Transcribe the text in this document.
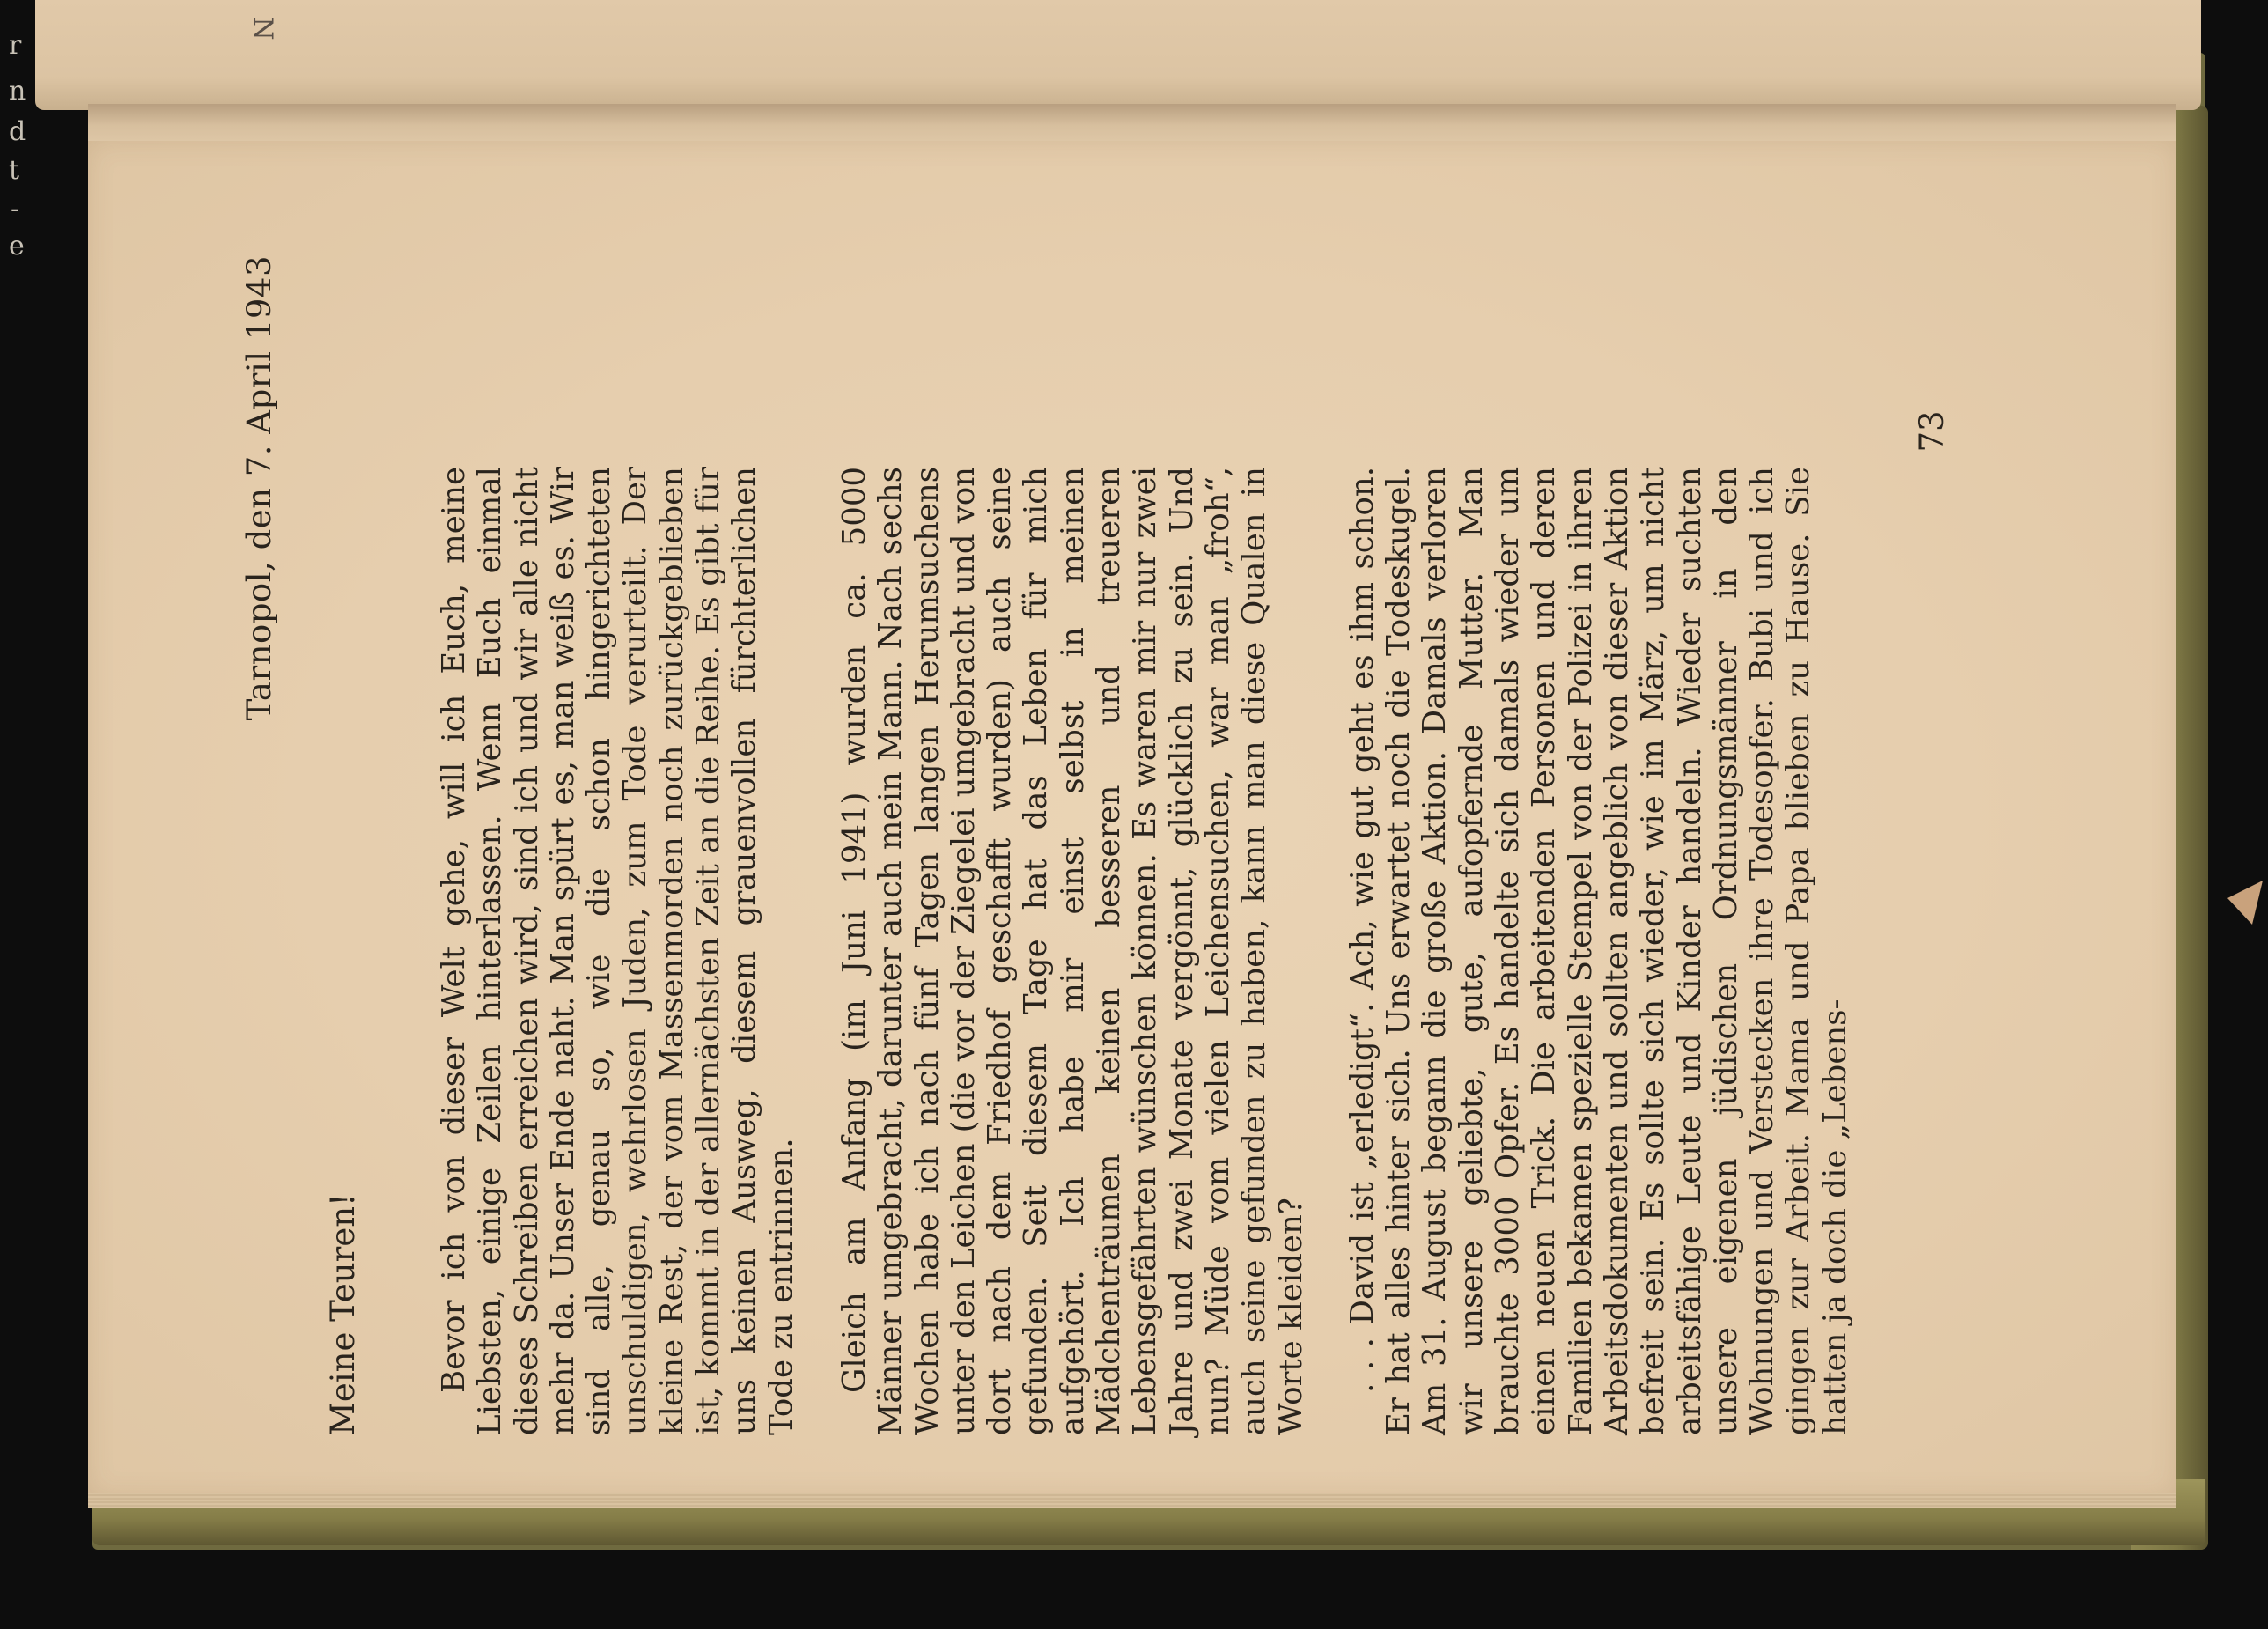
r
n
d
t
-
e
N
Tarnopol, den 7. April 1943
Meine Teuren!	Bevor ich von dieser Welt gehe, will ich Euch, meine Liebsten, einige Zeilen hinterlassen. Wenn Euch einmal dieses Schreiben erreichen wird, sind ich und wir alle nicht mehr da. Unser Ende naht. Man spürt es, man weiß es. Wir sind alle, genau so, wie die schon hingerichteten unschuldigen, wehrlosen Juden, zum Tode verurteilt. Der kleine Rest, der vom Massenmorden noch zurückgeblieben ist, kommt in der allernächsten Zeit an die Reihe. Es gibt für uns keinen Ausweg, diesem grauenvollen fürchterlichen Tode zu entrinnen. Gleich am Anfang (im Juni 1941) wurden ca. 5000 Männer umgebracht, darunter auch mein Mann. Nach sechs Wochen habe ich nach fünf Tagen langen Herumsuchens unter den Leichen (die vor der Ziegelei umgebracht und von dort nach dem Friedhof geschafft wurden) auch seine gefunden. Seit diesem Tage hat das Leben für mich aufgehört. Ich habe mir einst selbst in meinen Mädchenträumen keinen besseren und treueren Lebensgefährten wünschen können. Es waren mir nur zwei Jahre und zwei Monate vergönnt, glücklich zu sein. Und nun? Müde vom vielen Leichensuchen, war man „froh“, auch seine gefunden zu haben, kann man diese Qualen in Worte kleiden? . . . David ist „erledigt“. Ach, wie gut geht es ihm schon. Er hat alles hinter sich. Uns erwartet noch die Todeskugel. Am 31. August begann die große Aktion. Damals verloren wir unsere geliebte, gute, aufopfernde Mutter. Man brauchte 3000 Opfer. Es handelte sich damals wieder um einen neuen Trick. Die arbeitenden Personen und deren Familien bekamen spezielle Stempel von der Polizei in ihren Arbeitsdokumenten und sollten angeblich von dieser Aktion befreit sein. Es sollte sich wieder, wie im März, um nicht arbeitsfähige Leute und Kinder handeln. Wieder suchten unsere eigenen jüdischen Ordnungsmänner in den Wohnungen und Verstecken ihre Todesopfer. Bubi und ich gingen zur Arbeit. Mama und Papa blieben zu Hause. Sie hatten ja doch die „Lebens-

73
